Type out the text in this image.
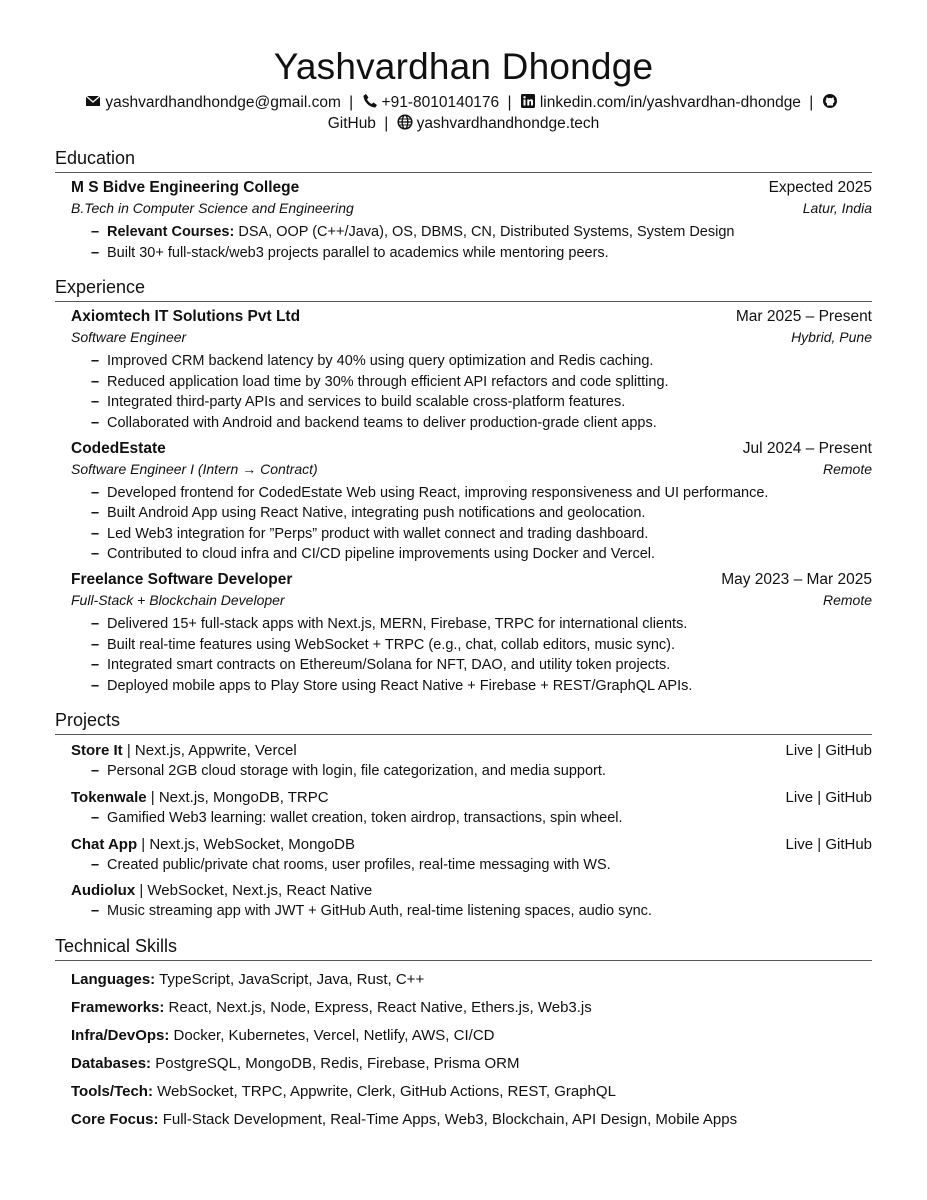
Yashvardhan Dhondge
yashvardhandhondge@gmail.com | +91-8010140176 | linkedin.com/in/yashvardhan-dhondge |
GitHub | yashvardhandhondge.tech
Education
M S Bidve Engineering College	Expected 2025
B.Tech in Computer Science and Engineering	Latur, India
– Relevant Courses: DSA, OOP (C++/Java), OS, DBMS, CN, Distributed Systems, System Design
– Built 30+ full-stack/web3 projects parallel to academics while mentoring peers.
Experience
Axiomtech IT Solutions Pvt Ltd	Mar 2025 – Present
Software Engineer	Hybrid, Pune
– Improved CRM backend latency by 40% using query optimization and Redis caching.
– Reduced application load time by 30% through efficient API refactors and code splitting.
– Integrated third-party APIs and services to build scalable cross-platform features.
– Collaborated with Android and backend teams to deliver production-grade client apps.
CodedEstate	Jul 2024 – Present
Software Engineer I (Intern → Contract)	Remote
– Developed frontend for CodedEstate Web using React, improving responsiveness and UI performance.
– Built Android App using React Native, integrating push notifications and geolocation.
– Led Web3 integration for ”Perps” product with wallet connect and trading dashboard.
– Contributed to cloud infra and CI/CD pipeline improvements using Docker and Vercel.
Freelance Software Developer	May 2023 – Mar 2025
Full-Stack + Blockchain Developer	Remote
– Delivered 15+ full-stack apps with Next.js, MERN, Firebase, TRPC for international clients.
– Built real-time features using WebSocket + TRPC (e.g., chat, collab editors, music sync).
– Integrated smart contracts on Ethereum/Solana for NFT, DAO, and utility token projects.
– Deployed mobile apps to Play Store using React Native + Firebase + REST/GraphQL APIs.
Projects
Store It | Next.js, Appwrite, Vercel	Live | GitHub
– Personal 2GB cloud storage with login, file categorization, and media support.
Tokenwale | Next.js, MongoDB, TRPC	Live | GitHub
– Gamified Web3 learning: wallet creation, token airdrop, transactions, spin wheel.
Chat App | Next.js, WebSocket, MongoDB	Live | GitHub
– Created public/private chat rooms, user profiles, real-time messaging with WS.
Audiolux | WebSocket, Next.js, React Native
– Music streaming app with JWT + GitHub Auth, real-time listening spaces, audio sync.
Technical Skills
Languages: TypeScript, JavaScript, Java, Rust, C++
Frameworks: React, Next.js, Node, Express, React Native, Ethers.js, Web3.js
Infra/DevOps: Docker, Kubernetes, Vercel, Netlify, AWS, CI/CD
Databases: PostgreSQL, MongoDB, Redis, Firebase, Prisma ORM
Tools/Tech: WebSocket, TRPC, Appwrite, Clerk, GitHub Actions, REST, GraphQL
Core Focus: Full-Stack Development, Real-Time Apps, Web3, Blockchain, API Design, Mobile Apps
